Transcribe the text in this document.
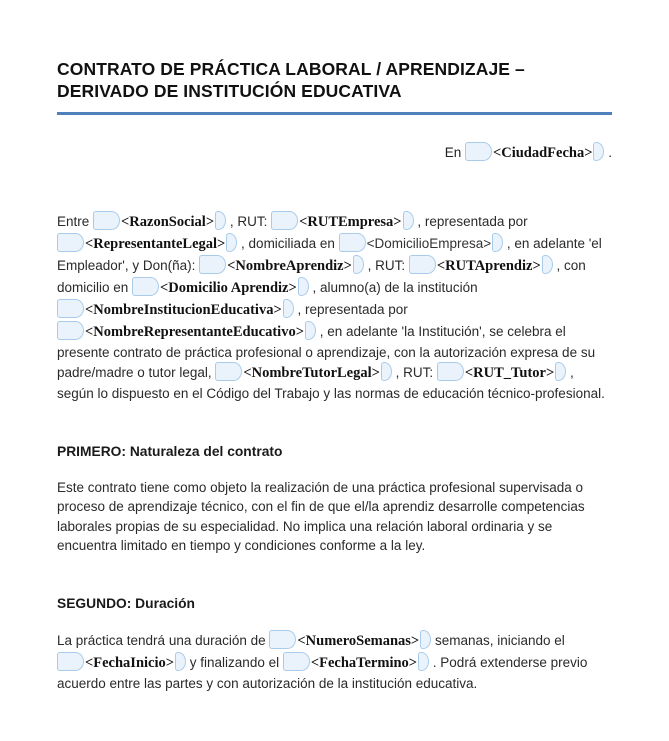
CONTRATO DE PRÁCTICA LABORAL / APRENDIZAJE – DERIVADO DE INSTITUCIÓN EDUCATIVA
En <CiudadFecha> .

Entre <RazonSocial> , RUT: <RUTEmpresa> , representada por <RepresentanteLegal> , domiciliada en <DomicilioEmpresa> , en adelante 'el Empleador', y Don(ña): <NombreAprendiz> , RUT: <RUTAprendiz> , con domicilio en <Domicilio Aprendiz> , alumno(a) de la institución <NombreInstitucionEducativa> , representada por <NombreRepresentanteEducativo> , en adelante 'la Institución', se celebra el presente contrato de práctica profesional o aprendizaje, con la autorización expresa de su padre/madre o tutor legal, <NombreTutorLegal> , RUT: <RUT_Tutor> , según lo dispuesto en el Código del Trabajo y las normas de educación técnico-profesional.

PRIMERO: Naturaleza del contrato

Este contrato tiene como objeto la realización de una práctica profesional supervisada o proceso de aprendizaje técnico, con el fin de que el/la aprendiz desarrolle competencias laborales propias de su especialidad. No implica una relación laboral ordinaria y se encuentra limitado en tiempo y condiciones conforme a la ley.

SEGUNDO: Duración

La práctica tendrá una duración de <NumeroSemanas> semanas, iniciando el <FechaInicio> y finalizando el <FechaTermino> . Podrá extenderse previo acuerdo entre las partes y con autorización de la institución educativa.
